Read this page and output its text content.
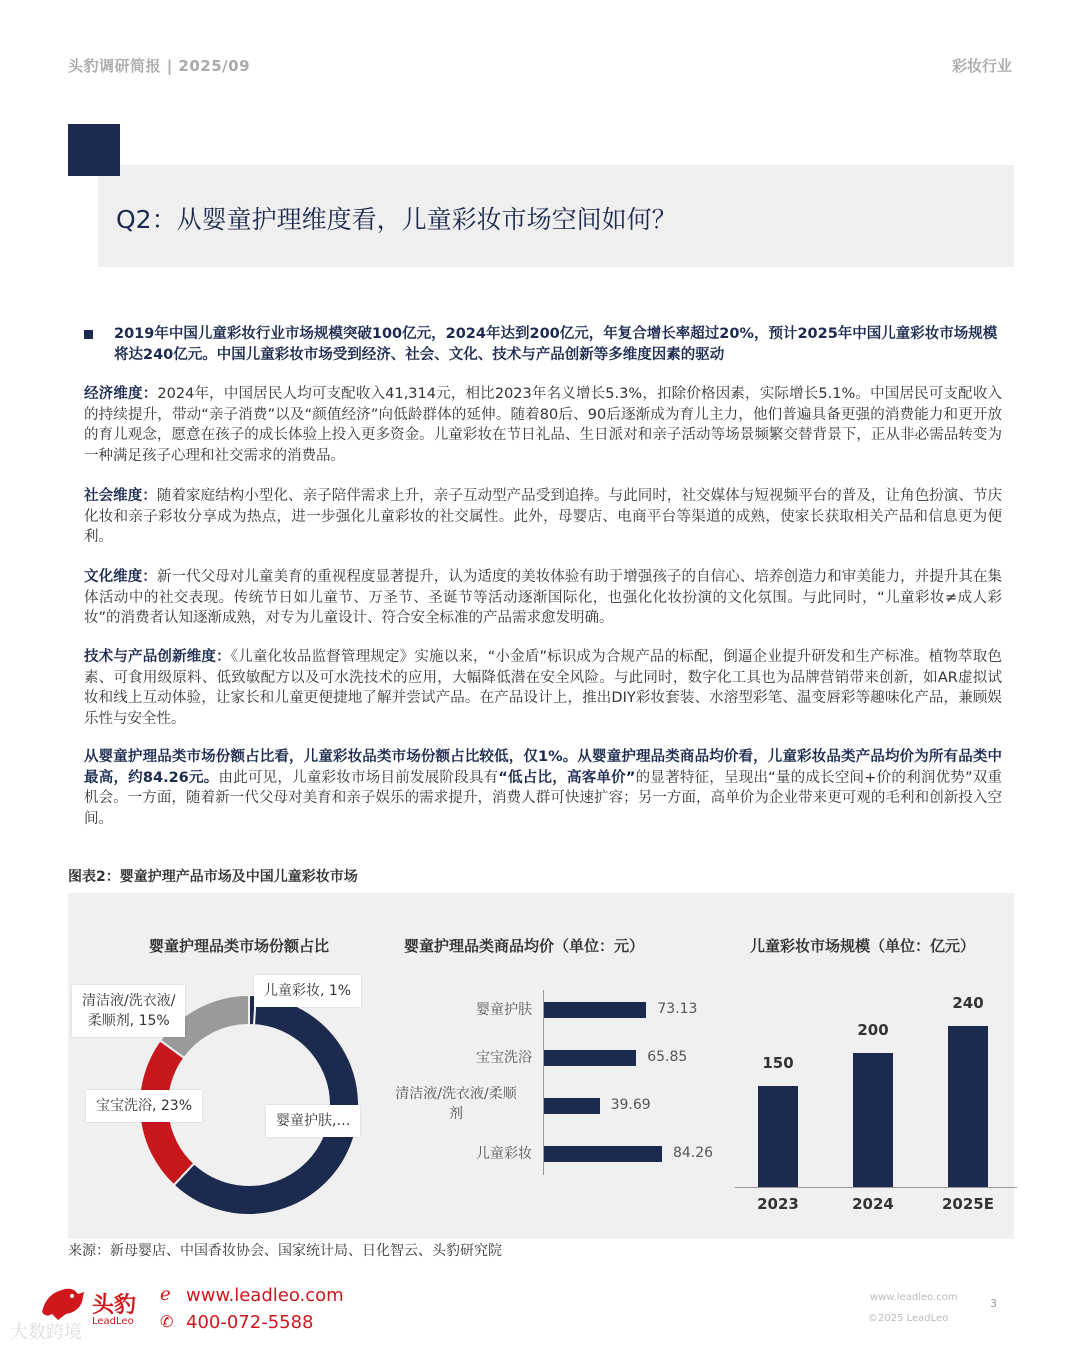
头豹调研简报 | 2025/09	彩妆行业
Q2：从婴童护理维度看，儿童彩妆市场空间如何？
2019年中国儿童彩妆行业市场规模突破100亿元，2024年达到200亿元，年复合增长率超过20%，预计2025年中国儿童彩妆市场规模将达240亿元。中国儿童彩妆市场受到经济、社会、文化、技术与产品创新等多维度因素的驱动
经济维度：2024年，中国居民人均可支配收入41,314元，相比2023年名义增长5.3%，扣除价格因素，实际增长5.1%。中国居民可支配收入的持续提升，带动“亲子消费”以及“颜值经济”向低龄群体的延伸。随着80后、90后逐渐成为育儿主力，他们普遍具备更强的消费能力和更开放的育儿观念，愿意在孩子的成长体验上投入更多资金。儿童彩妆在节日礼品、生日派对和亲子活动等场景频繁交替背景下，正从非必需品转变为一种满足孩子心理和社交需求的消费品。
社会维度：随着家庭结构小型化、亲子陪伴需求上升，亲子互动型产品受到追捧。与此同时，社交媒体与短视频平台的普及，让角色扮演、节庆化妆和亲子彩妆分享成为热点，进一步强化儿童彩妆的社交属性。此外，母婴店、电商平台等渠道的成熟，使家长获取相关产品和信息更为便利。
文化维度：新一代父母对儿童美育的重视程度显著提升，认为适度的美妆体验有助于增强孩子的自信心、培养创造力和审美能力，并提升其在集体活动中的社交表现。传统节日如儿童节、万圣节、圣诞节等活动逐渐国际化，也强化化妆扮演的文化氛围。与此同时，“儿童彩妆≠成人彩妆”的消费者认知逐渐成熟，对专为儿童设计、符合安全标准的产品需求愈发明确。
技术与产品创新维度：《儿童化妆品监督管理规定》实施以来，“小金盾”标识成为合规产品的标配，倒逼企业提升研发和生产标准。植物萃取色素、可食用级原料、低致敏配方以及可水洗技术的应用，大幅降低潜在安全风险。与此同时，数字化工具也为品牌营销带来创新，如AR虚拟试妆和线上互动体验，让家长和儿童更便捷地了解并尝试产品。在产品设计上，推出DIY彩妆套装、水溶型彩笔、温变唇彩等趣味化产品，兼顾娱乐性与安全性。
从婴童护理品类市场份额占比看，儿童彩妆品类市场份额占比较低，仅1%。从婴童护理品类商品均价看，儿童彩妆品类产品均价为所有品类中最高，约84.26元。由此可见，儿童彩妆市场目前发展阶段具有“低占比，高客单价”的显著特征，呈现出“量的成长空间+价的利润优势”双重机会。一方面，随着新一代父母对美育和亲子娱乐的需求提升，消费人群可快速扩容；另一方面，高单价为企业带来更可观的毛利和创新投入空间。
图表2：婴童护理产品市场及中国儿童彩妆市场
婴童护理品类市场份额占比
儿童彩妆, 1%
清洁液/洗衣液/
柔顺剂, 15%
宝宝洗浴, 23%
婴童护肤,…
婴童护理品类商品均价（单位：元）
73.13
婴童护肤
65.85
宝宝洗浴
39.69
清洁液/洗衣液/柔顺
剂
84.26
儿童彩妆
儿童彩妆市场规模（单位：亿元）
150
2023
200
2024
240
2025E
来源：新母婴店、中国香妆协会、国家统计局、日化智云、头豹研究院
头豹
LeadLeo
ℯ www.leadleo.com
✆ 400-072-5588
www.leadleo.com
©2025 LeadLeo
3
大数跨境
